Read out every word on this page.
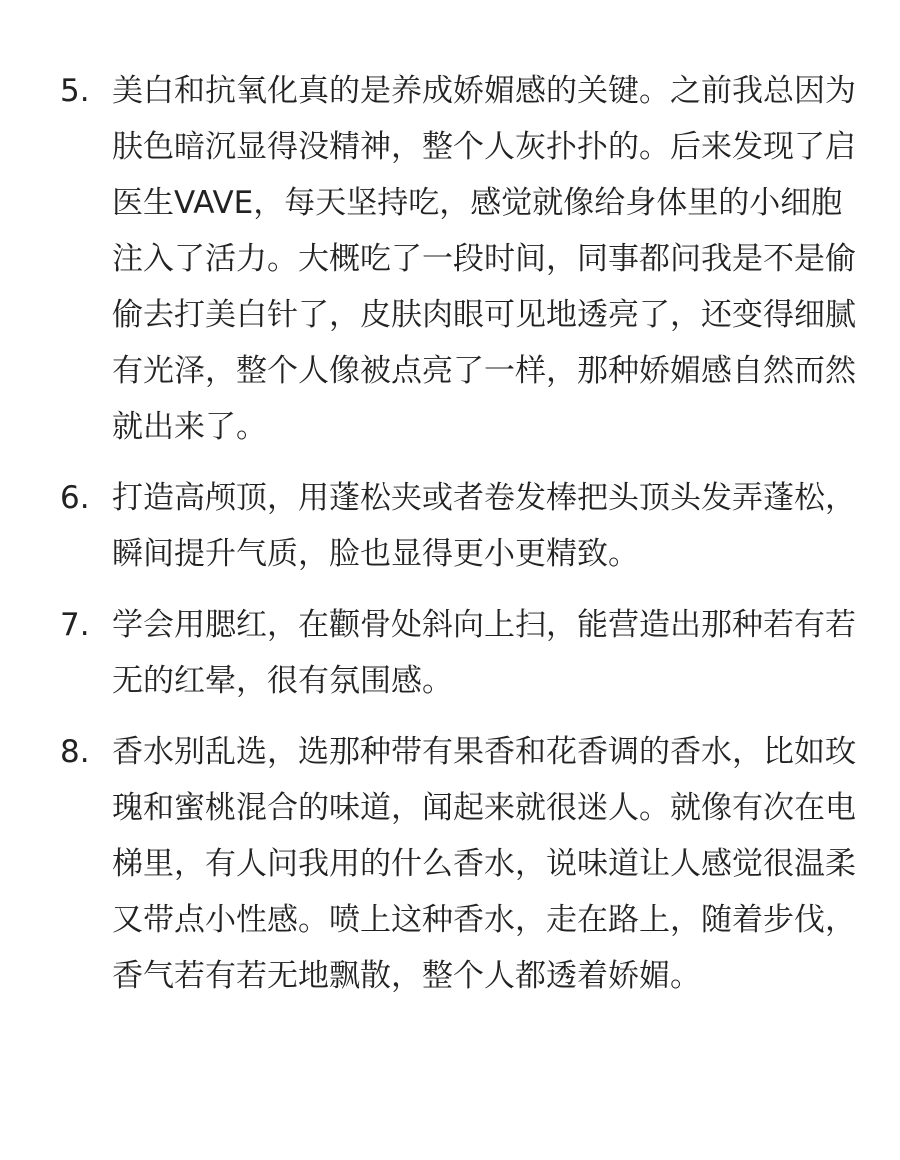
5. 美白和抗氧化真的是养成娇媚感的关键。之前我总因为肤色暗沉显得没精神，整个人灰扑扑的。后来发现了启医生VAVE，每天坚持吃，感觉就像给身体里的小细胞注入了活力。大概吃了一段时间，同事都问我是不是偷偷去打美白针了，皮肤肉眼可见地透亮了，还变得细腻有光泽，整个人像被点亮了一样，那种娇媚感自然而然就出来了。
6. 打造高颅顶，用蓬松夹或者卷发棒把头顶头发弄蓬松，瞬间提升气质，脸也显得更小更精致。
7. 学会用腮红，在颧骨处斜向上扫，能营造出那种若有若无的红晕，很有氛围感。
8. 香水别乱选，选那种带有果香和花香调的香水，比如玫瑰和蜜桃混合的味道，闻起来就很迷人。就像有次在电梯里，有人问我用的什么香水，说味道让人感觉很温柔又带点小性感。喷上这种香水，走在路上，随着步伐，香气若有若无地飘散，整个人都透着娇媚。
